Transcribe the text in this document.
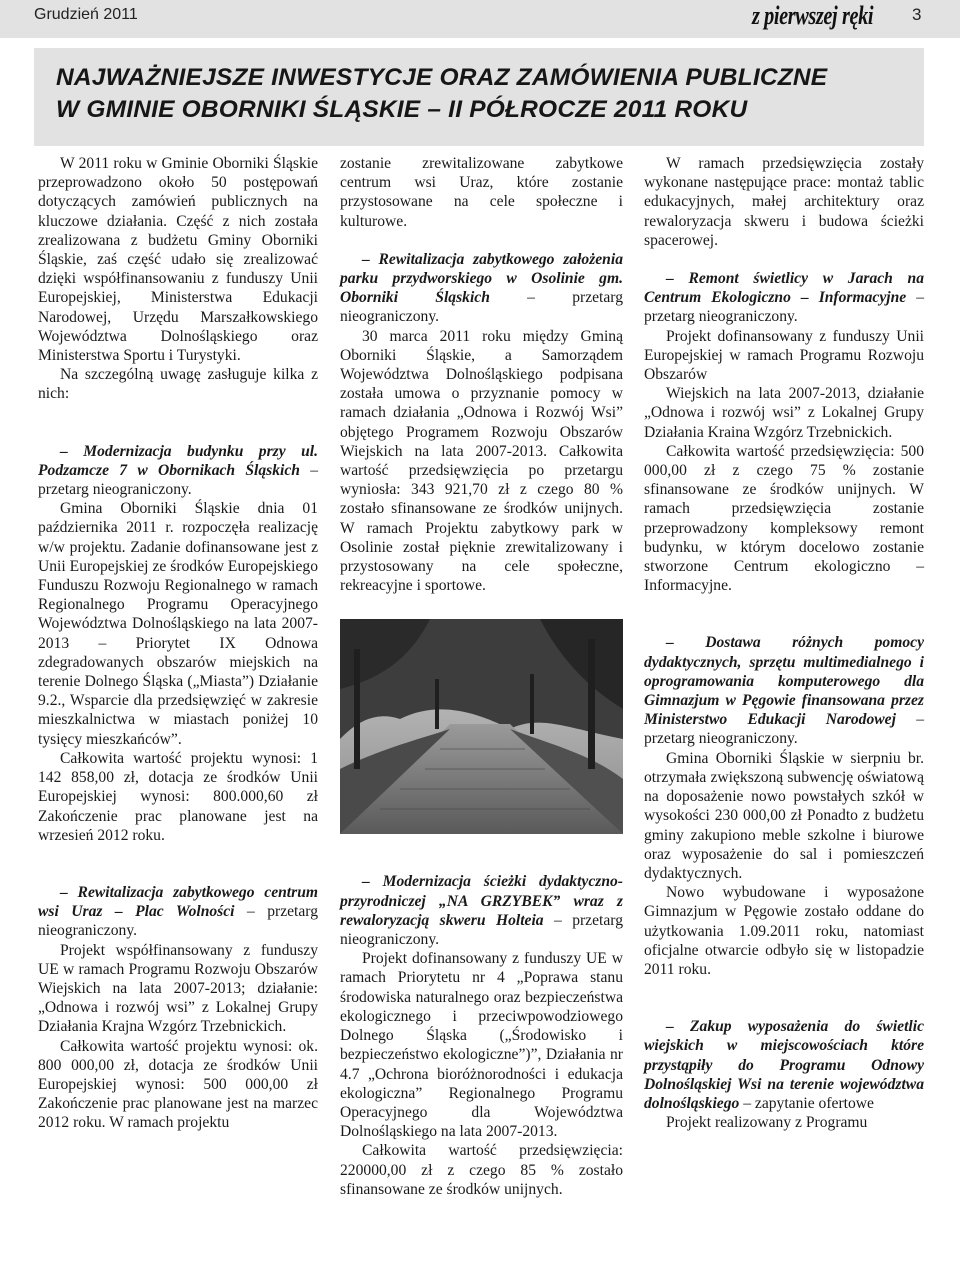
Grudzień 2011	z pierwszej ręki 3
NAJWAŻNIEJSZE INWESTYCJE ORAZ ZAMÓWIENIA PUBLICZNE
W GMINIE OBORNIKI ŚLĄSKIE – II PÓŁROCZE 2011 ROKU

W 2011 roku w Gminie Oborniki Śląskie przeprowadzono około 50 postępowań dotyczących zamówień publicznych na kluczowe działania. Część z nich została zrealizowana z budżetu Gminy Oborniki Śląskie, zaś część udało się zrealizować dzięki współfinansowaniu z funduszy Unii Europejskiej, Ministerstwa Edukacji Narodowej, Urzędu Marszałkowskiego Województwa Dolnośląskiego oraz Ministerstwa Sportu i Turystyki.

Na szczególną uwagę zasługuje kilka z nich:

– Modernizacja budynku przy ul. Podzamcze 7 w Obornikach Śląskich – przetarg nieograniczony.

Gmina Oborniki Śląskie dnia 01 października 2011 r. rozpoczęła realizację w/w projektu. Zadanie dofinansowane jest z Unii Europejskiej ze środków Europejskiego Funduszu Rozwoju Regionalnego w ramach Regionalnego Programu Operacyjnego Województwa Dolnośląskiego na lata 2007-2013 – Priorytet IX Odnowa zdegradowanych obszarów miejskich na terenie Dolnego Śląska („Miasta”) Działanie 9.2., Wsparcie dla przedsięwzięć w zakresie mieszkalnictwa w miastach poniżej 10 tysięcy mieszkańców”.

Całkowita wartość projektu wynosi: 1 142 858,00 zł, dotacja ze środków Unii Europejskiej wynosi: 800.000,60 zł Zakończenie prac planowane jest na wrzesień 2012 roku.

– Rewitalizacja zabytkowego centrum wsi Uraz – Plac Wolności – przetarg nieograniczony.

Projekt współfinansowany z funduszy UE w ramach Programu Rozwoju Obszarów Wiejskich na lata 2007-2013; działanie: „Odnowa i rozwój wsi” z Lokalnej Grupy Działania Krajna Wzgórz Trzebnickich.

Całkowita wartość projektu wynosi: ok. 800 000,00 zł, dotacja ze środków Unii Europejskiej wynosi: 500 000,00 zł Zakończenie prac planowane jest na marzec 2012 roku. W ramach projektu

zostanie zrewitalizowane zabytkowe centrum wsi Uraz, które zostanie przystosowane na cele społeczne i kulturowe.

– Rewitalizacja zabytkowego założenia parku przydworskiego w Osolinie gm. Oborniki Śląskich – przetarg nieograniczony.

30 marca 2011 roku między Gminą Oborniki Śląskie, a Samorządem Województwa Dolnośląskiego podpisana została umowa o przyznanie pomocy w ramach działania „Odnowa i Rozwój Wsi” objętego Programem Rozwoju Obszarów Wiejskich na lata 2007-2013. Całkowita wartość przedsięwzięcia po przetargu wyniosła: 343 921,70 zł z czego 80 % zostało sfinansowane ze środków unijnych. W ramach Projektu zabytkowy park w Osolinie został pięknie zrewitalizowany i przystosowany na cele społeczne, rekreacyjne i sportowe.

– Modernizacja ścieżki dydaktyczno-przyrodniczej „NA GRZYBEK” wraz z rewaloryzacją skweru Holteia – przetarg nieograniczony.

Projekt dofinansowany z funduszy UE w ramach Priorytetu nr 4 „Poprawa stanu środowiska naturalnego oraz bezpieczeństwa ekologicznego i przeciwpowodziowego Dolnego Śląska („Środowisko i bezpieczeństwo ekologiczne”)”, Działania nr 4.7 „Ochrona bioróżnorodności i edukacja ekologiczna” Regionalnego Programu Operacyjnego dla Województwa Dolnośląskiego na lata 2007-2013.

Całkowita wartość przedsięwzięcia: 220000,00 zł z czego 85 % zostało sfinansowane ze środków unijnych.

W ramach przedsięwzięcia zostały wykonane następujące prace: montaż tablic edukacyjnych, małej architektury oraz rewaloryzacja skweru i budowa ścieżki spacerowej.

– Remont świetlicy w Jarach na Centrum Ekologiczno – Informacyjne – przetarg nieograniczony.

Projekt dofinansowany z funduszy Unii Europejskiej w ramach Programu Rozwoju Obszarów

Wiejskich na lata 2007-2013, działanie „Odnowa i rozwój wsi” z Lokalnej Grupy Działania Kraina Wzgórz Trzebnickich.

Całkowita wartość przedsięwzięcia: 500 000,00 zł z czego 75 % zostanie sfinansowane ze środków unijnych. W ramach przedsięwzięcia zostanie przeprowadzony kompleksowy remont budynku, w którym docelowo zostanie stworzone Centrum ekologiczno – Informacyjne.

– Dostawa różnych pomocy dydaktycznych, sprzętu multimedialnego i oprogramowania komputerowego dla Gimnazjum w Pęgowie finansowana przez Ministerstwo Edukacji Narodowej – przetarg nieograniczony.

Gmina Oborniki Śląskie w sierpniu br. otrzymała zwiększoną subwencję oświatową na doposażenie nowo powstałych szkół w wysokości 230 000,00 zł Ponadto z budżetu gminy zakupiono meble szkolne i biurowe oraz wyposażenie do sal i pomieszczeń dydaktycznych.

Nowo wybudowane i wyposażone Gimnazjum w Pęgowie zostało oddane do użytkowania 1.09.2011 roku, natomiast oficjalne otwarcie odbyło się w listopadzie 2011 roku.

– Zakup wyposażenia do świetlic wiejskich w miejscowościach które przystąpiły do Programu Odnowy Dolnośląskiej Wsi na terenie województwa dolnośląskiego – zapytanie ofertowe

Projekt realizowany z Programu
